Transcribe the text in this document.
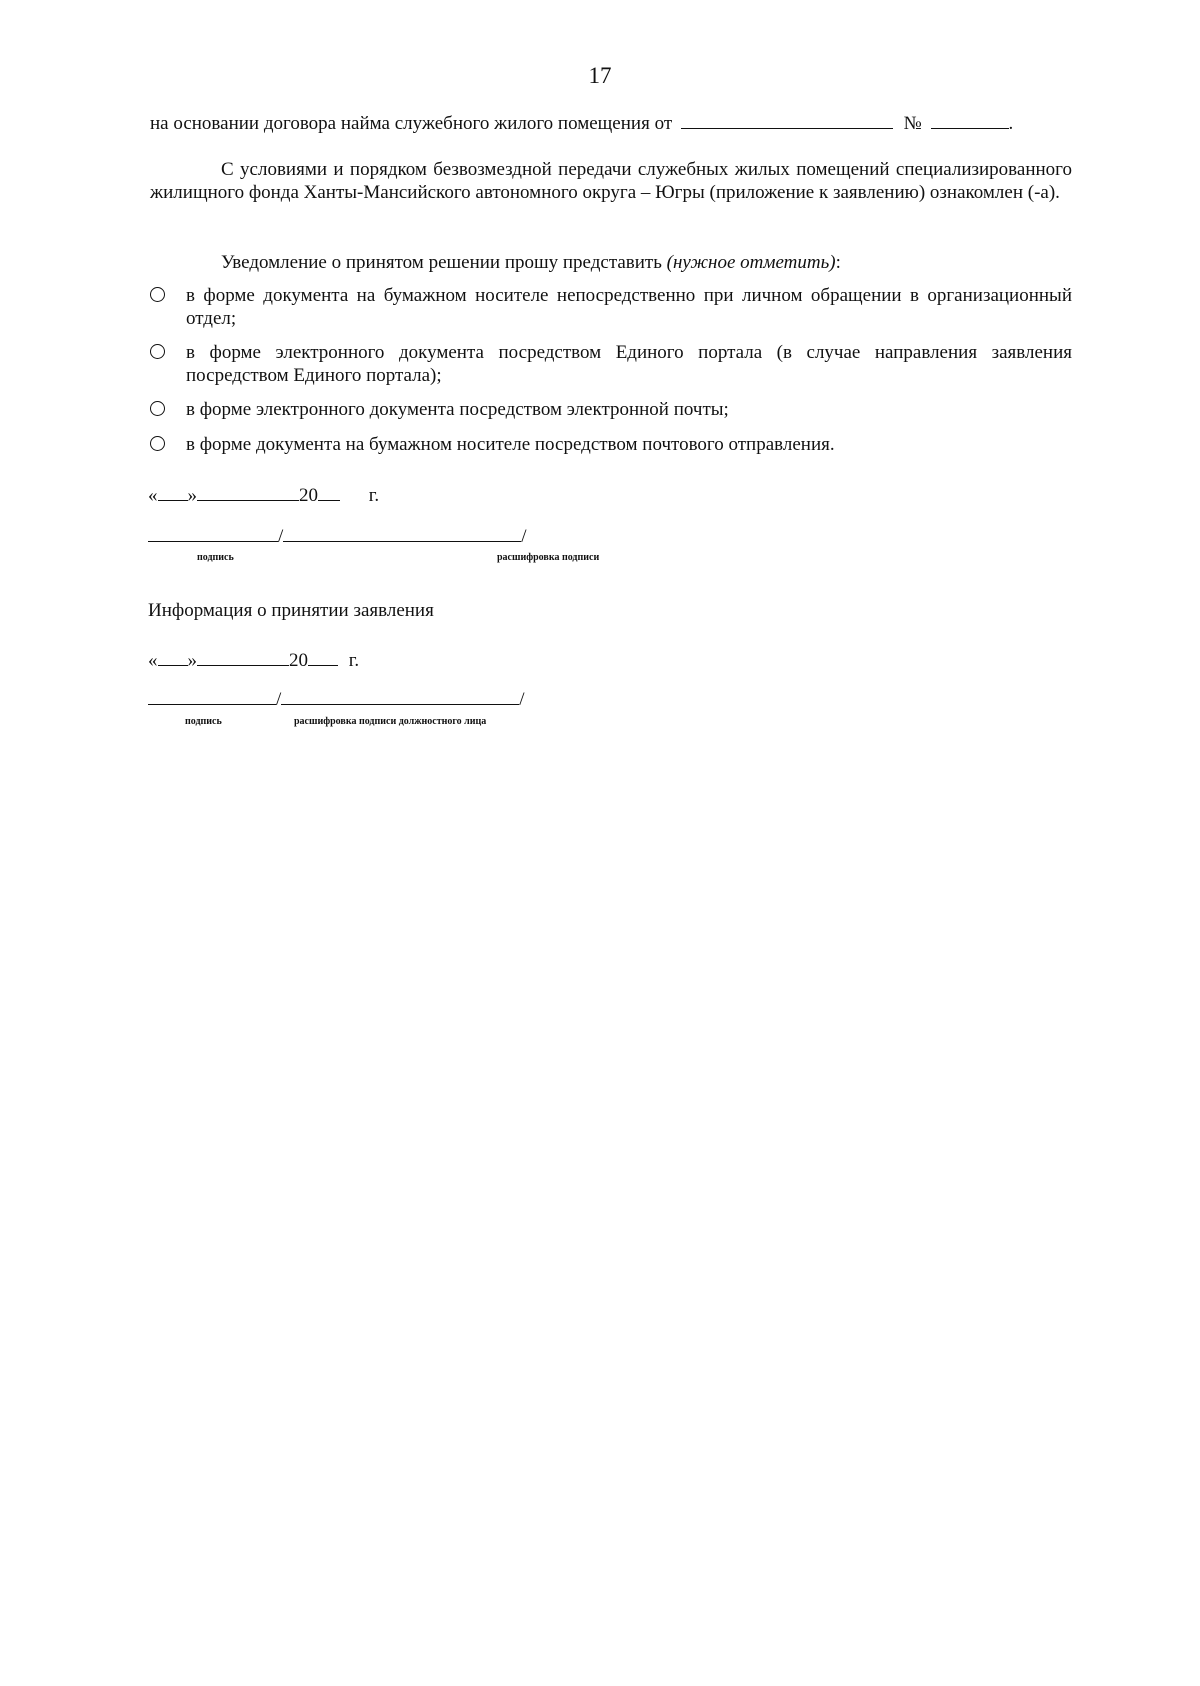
17
на основании договора найма служебного жилого помещения от	№	.
С условиями и порядком безвозмездной передачи служебных жилых помещений специализированного жилищного фонда Ханты-Мансийского автономного округа – Югры (приложение к заявлению) ознакомлен (-а).
Уведомление о принятом решении прошу представить (нужное отметить):
в форме документа на бумажном носителе непосредственно при личном обращении в организационный отдел;
в форме электронного документа посредством Единого портала (в случае направления заявления посредством Единого портала);
в форме электронного документа посредством электронной почты;
в форме документа на бумажном носителе посредством почтового отправления.
« »	20	г.
/	/
подпись	расшифровка подписи
Информация о принятии заявления
« »	20 г.
/	/
подпись	расшифровка подписи должностного лица
